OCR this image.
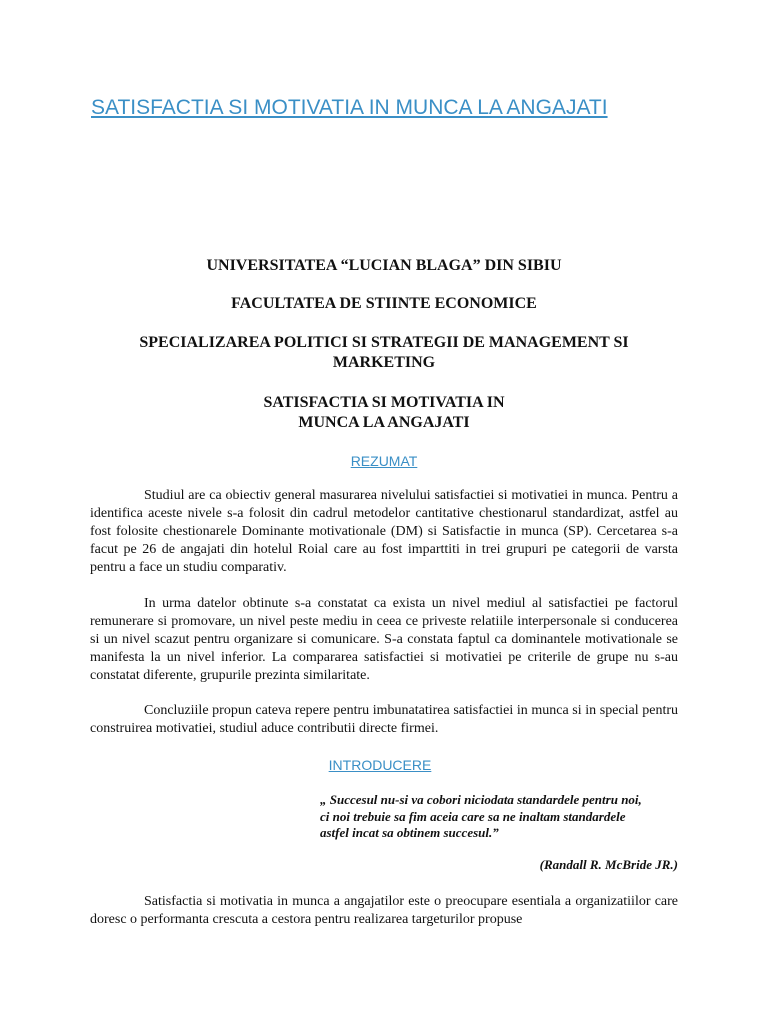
SATISFACTIA SI MOTIVATIA IN MUNCA LA ANGAJATI

UNIVERSITATEA “LUCIAN BLAGA” DIN SIBIU

FACULTATEA DE STIINTE ECONOMICE

SPECIALIZAREA POLITICI SI STRATEGII DE MANAGEMENT SI MARKETING

SATISFACTIA SI MOTIVATIA IN
MUNCA LA ANGAJATI

REZUMAT

Studiul are ca obiectiv general masurarea nivelului satisfactiei si motivatiei in munca. Pentru a identifica aceste nivele s-a folosit din cadrul metodelor cantitative chestionarul standardizat, astfel au fost folosite chestionarele Dominante motivationale (DM) si Satisfactie in munca (SP). Cercetarea s-a facut pe 26 de angajati din hotelul Roial care au fost imparttiti in trei grupuri pe categorii de varsta pentru a face un studiu comparativ.

In urma datelor obtinute s-a constatat ca exista un nivel mediul al satisfactiei pe factorul remunerare si promovare, un nivel peste mediu in ceea ce priveste relatiile interpersonale si conducerea si un nivel scazut pentru organizare si comunicare. S-a constata faptul ca dominantele motivationale se manifesta la un nivel inferior. La compararea satisfactiei si motivatiei pe criterile de grupe nu s-au constatat diferente, grupurile prezinta similaritate.

Concluziile propun cateva repere pentru imbunatatirea satisfactiei in munca si in special pentru construirea motivatiei, studiul aduce contributii directe firmei.

INTRODUCERE

„ Succesul nu-si va cobori niciodata standardele pentru noi,
ci noi trebuie sa fim aceia care sa ne inaltam standardele
astfel incat sa obtinem succesul.”

(Randall R. McBride JR.)

Satisfactia si motivatia in munca a angajatilor este o preocupare esentiala a organizatiilor care doresc o performanta crescuta a cestora pentru realizarea targeturilor propuse
